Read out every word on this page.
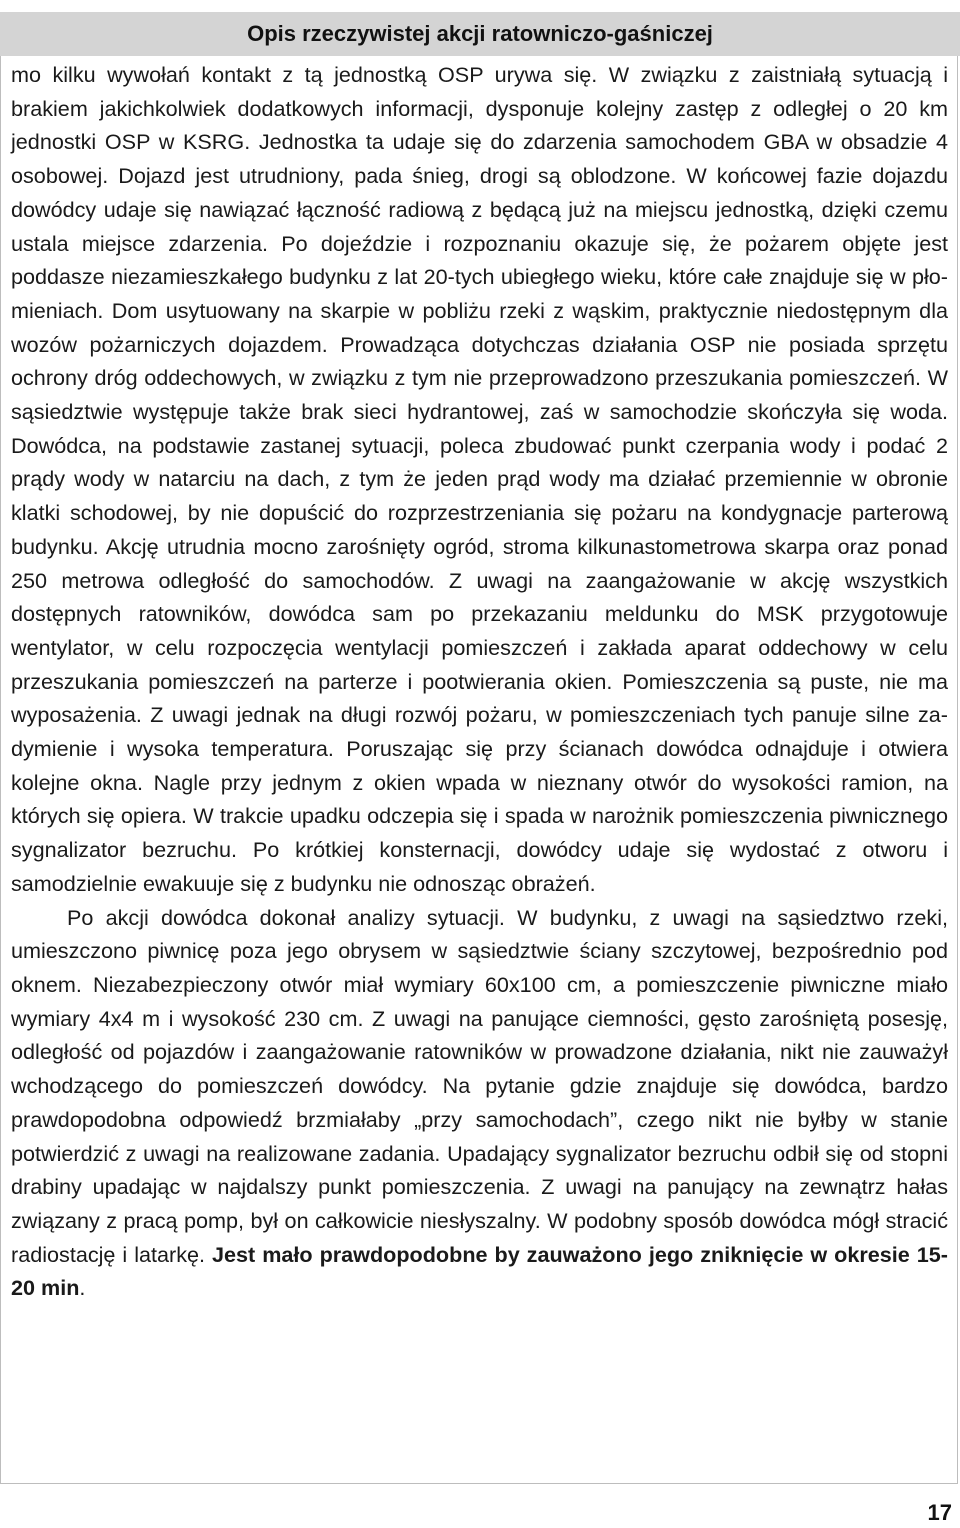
Opis rzeczywistej akcji ratowniczo-gaśniczej

mo kilku wywołań kontakt z tą jednostką OSP urywa się. W związku z zaistniałą sytuacją i brakiem jakichkolwiek dodatkowych informacji, dysponuje kolejny zastęp z odległej o 20 km jednostki OSP w KSRG. Jednostka ta udaje się do zdarzenia samochodem GBA w obsadzie 4 osobowej. Dojazd jest utrudniony, pada śnieg, drogi są oblodzone. W końcowej fazie dojazdu dowódcy udaje się nawiązać łączność radiową z będącą już na miejscu jednostką, dzięki czemu ustala miejsce zdarzenia. Po dojeździe i rozpoznaniu okazuje się, że pożarem objęte jest poddasze niezamieszkałego budynku z lat 20-tych ubiegłego wieku, które całe znajduje się w płomieniach. Dom usytuowany na skarpie w pobliżu rzeki z wąskim, praktycznie niedostępnym dla wozów pożarniczych dojazdem. Prowadząca dotychczas działania OSP nie posiada sprzętu ochrony dróg oddechowych, w związku z tym nie przeprowadzono przeszukania pomieszczeń. W sąsiedztwie występuje także brak sieci hydrantowej, zaś w samochodzie skończyła się woda. Dowódca, na podstawie zastanej sytuacji, poleca zbudować punkt czerpania wody i podać 2 prądy wody w natarciu na dach, z tym że jeden prąd wody ma działać przemiennie w obronie klatki schodowej, by nie dopuścić do rozprzestrzeniania się pożaru na kondygnacje parterową budynku. Akcję utrudnia mocno zarośnięty ogród, stroma kilkunastometrowa skarpa oraz ponad 250 metrowa odległość do samochodów. Z uwagi na zaangażowanie w akcję wszystkich dostępnych ratowników, dowódca sam po przekazaniu meldunku do MSK przygotowuje wentylator, w celu rozpoczęcia wentylacji pomieszczeń i zakłada aparat oddechowy w celu przeszukania pomieszczeń na parterze i pootwierania okien. Pomieszczenia są puste, nie ma wyposażenia. Z uwagi jednak na długi rozwój pożaru, w pomieszczeniach tych panuje silne zadymienie i wysoka temperatura. Poruszając się przy ścianach dowódca odnajduje i otwiera kolejne okna. Nagle przy jednym z okien wpada w nieznany otwór do wysokości ramion, na których się opiera. W trakcie upadku odczepia się i spada w narożnik pomieszczenia piwnicznego sygnalizator bezruchu. Po krótkiej konsternacji, dowódcy udaje się wydostać z otworu i samodzielnie ewakuuje się z budynku nie odnosząc obrażeń.

Po akcji dowódca dokonał analizy sytuacji. W budynku, z uwagi na sąsiedztwo rzeki, umieszczono piwnicę poza jego obrysem w sąsiedztwie ściany szczytowej, bezpośrednio pod oknem. Niezabezpieczony otwór miał wymiary 60x100 cm, a pomieszczenie piwniczne miało wymiary 4x4 m i wysokość 230 cm. Z uwagi na panujące ciemności, gęsto zarośniętą posesję, odległość od pojazdów i zaangażowanie ratowników w prowadzone działania, nikt nie zauważył wchodzącego do pomieszczeń dowódcy. Na pytanie gdzie znajduje się dowódca, bardzo prawdopodobna odpowiedź brzmiałaby „przy samochodach”, czego nikt nie byłby w stanie potwierdzić z uwagi na realizowane zadania. Upadający sygnalizator bezruchu odbił się od stopni drabiny upadając w najdalszy punkt pomieszczenia. Z uwagi na panujący na zewnątrz hałas związany z pracą pomp, był on całkowicie niesłyszalny. W podobny sposób dowódca mógł stracić radiostację i latarkę. Jest mało prawdopodobne by zauważono jego zniknięcie w okresie 15-20 min.

17
